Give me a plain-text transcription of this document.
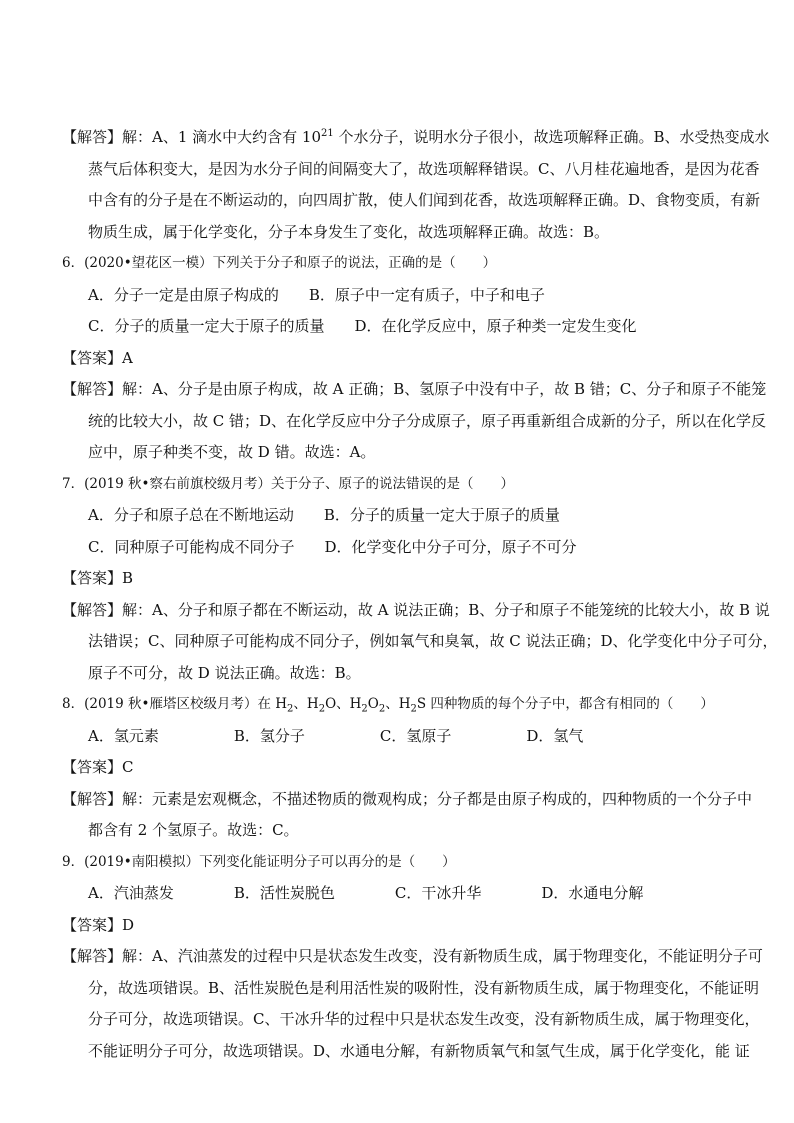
【解答】解：A、1 滴水中大约含有 $10^{21}$ 个水分子，说明水分子很小，故选项解释正确。B、水受热变成水
蒸气后体积变大，是因为水分子间的间隔变大了，故选项解释错误。C、八月桂花遍地香，是因为花香
中含有的分子是在不断运动的，向四周扩散，使人们闻到花香，故选项解释正确。D、食物变质，有新
物质生成，属于化学变化，分子本身发生了变化，故选项解释正确。故选：B。
6．(2020•望花区一模）下列关于分子和原子的说法，正确的是（　　）
A．分子一定是由原子构成的　　B．原子中一定有质子，中子和电子
C．分子的质量一定大于原子的质量　　D．在化学反应中，原子种类一定发生变化
【答案】A
【解答】解：A、分子是由原子构成，故 A 正确；B、氢原子中没有中子，故 B 错；C、分子和原子不能笼
统的比较大小，故 C 错；D、在化学反应中分子分成原子，原子再重新组合成新的分子，所以在化学反
应中，原子种类不变，故 D 错。故选：A。
7．(2019 秋•察右前旗校级月考）关于分子、原子的说法错误的是（　　）
A．分子和原子总在不断地运动　　B．分子的质量一定大于原子的质量
C．同种原子可能构成不同分子　　D．化学变化中分子可分，原子不可分
【答案】B
【解答】解：A、分子和原子都在不断运动，故 A 说法正确；B、分子和原子不能笼统的比较大小，故 B 说
法错误；C、同种原子可能构成不同分子，例如氧气和臭氧，故 C 说法正确；D、化学变化中分子可分，
原子不可分，故 D 说法正确。故选：B。
8．(2019 秋•雁塔区校级月考）在 $H_2$、$H_2O$、$H_2O_2$、$H_2S$ 四种物质的每个分子中，都含有相同的（　　）
A．氢元素　　　　　B．氢分子　　　　　C．氢原子　　　　　D．氢气
【答案】C
【解答】解：元素是宏观概念，不描述物质的微观构成；分子都是由原子构成的，四种物质的一个分子中
都含有 2 个氢原子。故选：C。
9．(2019•南阳模拟）下列变化能证明分子可以再分的是（　　）
A．汽油蒸发　　　　B．活性炭脱色　　　　C．干冰升华　　　　D．水通电分解
【答案】D
【解答】解：A、汽油蒸发的过程中只是状态发生改变，没有新物质生成，属于物理变化，不能证明分子可
分，故选项错误。B、活性炭脱色是利用活性炭的吸附性，没有新物质生成，属于物理变化，不能证明
分子可分，故选项错误。C、干冰升华的过程中只是状态发生改变，没有新物质生成，属于物理变化，
不能证明分子可分，故选项错误。D、水通电分解，有新物质氧气和氢气生成，属于化学变化，能 证
